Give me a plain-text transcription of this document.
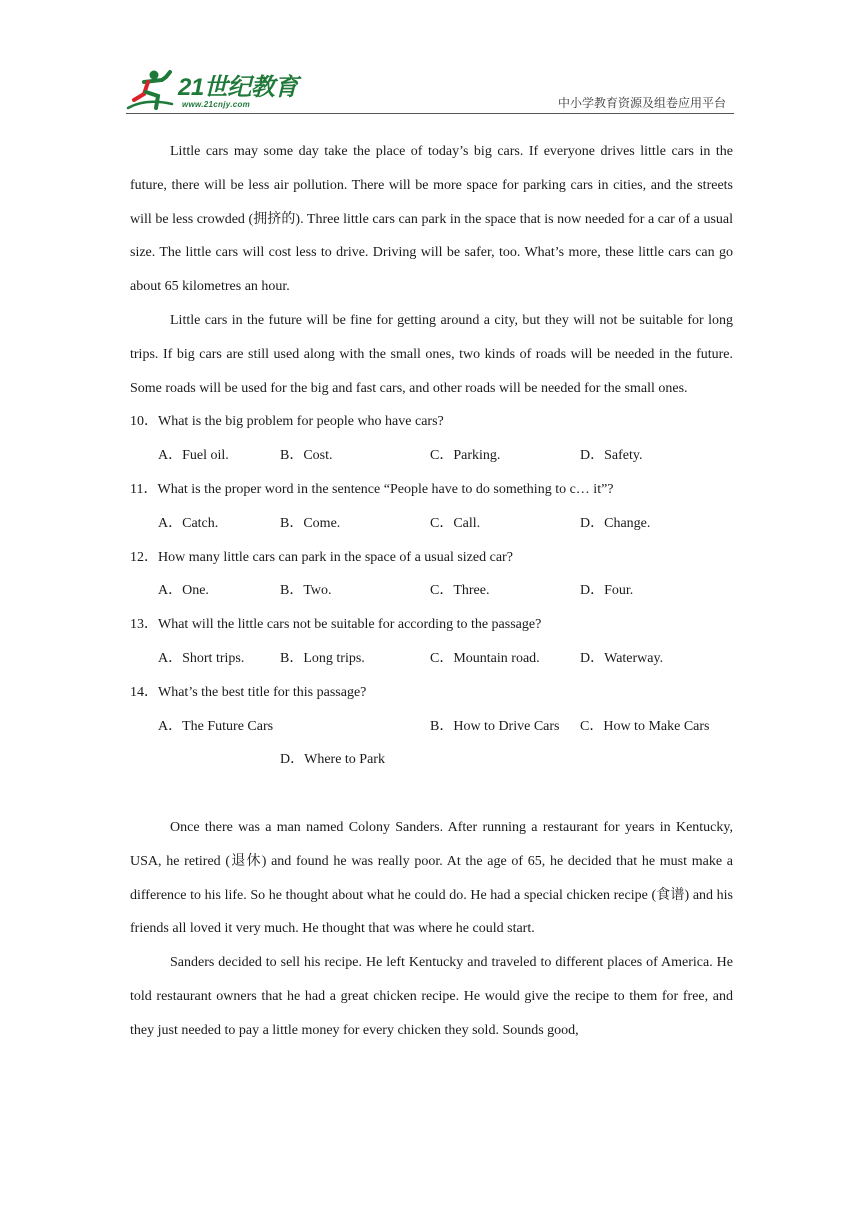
21世纪教育
www.21cnjy.com	中小学教育资源及组卷应用平台

Little cars may some day take the place of today’s big cars. If everyone drives little cars in the future, there will be less air pollution. There will be more space for parking cars in cities, and the streets will be less crowded (拥挤的). Three little cars can park in the space that is now needed for a car of a usual size. The little cars will cost less to drive. Driving will be safer, too. What’s more, these little cars can go about 65 kilometres an hour.

Little cars in the future will be fine for getting around a city, but they will not be suitable for long trips. If big cars are still used along with the small ones, two kinds of roads will be needed in the future. Some roads will be used for the big and fast cars, and other roads will be needed for the small ones.

10．What is the big problem for people who have cars?

A．Fuel oil.	B．Cost.	C．Parking.	D．Safety.

11．What is the proper word in the sentence “People have to do something to c… it”?

A．Catch.	B．Come.	C．Call.	D．Change.

12．How many little cars can park in the space of a usual sized car?

A．One.	B．Two.	C．Three.	D．Four.

13．What will the little cars not be suitable for according to the passage?

A．Short trips.	B．Long trips.	C．Mountain road.	D．Waterway.

14．What’s the best title for this passage?

A．The Future Cars	B．How to Drive Cars C．How to Make Cars
D．Where to Park

Once there was a man named Colony Sanders. After running a restaurant for years in Kentucky, USA, he retired (退休) and found he was really poor. At the age of 65, he decided that he must make a difference to his life. So he thought about what he could do. He had a special chicken recipe (食谱) and his friends all loved it very much. He thought that was where he could start.

Sanders decided to sell his recipe. He left Kentucky and traveled to different places of America. He told restaurant owners that he had a great chicken recipe. He would give the recipe to them for free, and they just needed to pay a little money for every chicken they sold. Sounds good,
